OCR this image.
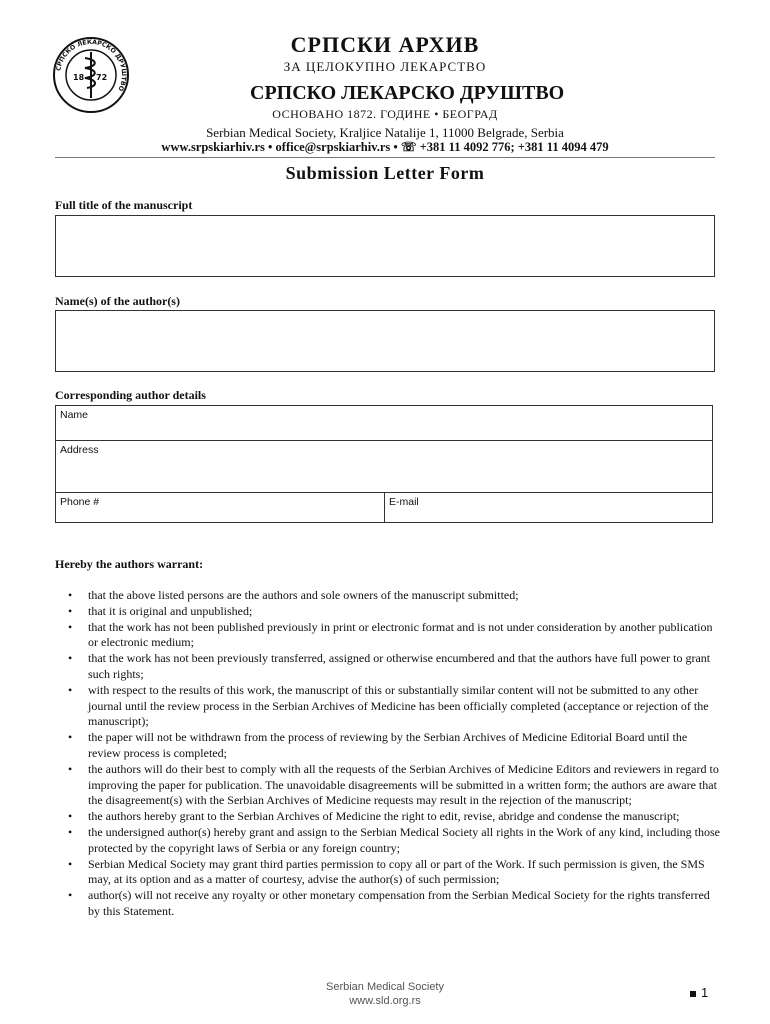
СРПСКО ЛЕКАРСКО ДРУШТВО
18 72
СРПСКИ АРХИВ
ЗА ЦЕЛОКУПНО ЛЕКАРСТВО
СРПСКО ЛЕКАРСКО ДРУШТВО
ОСНОВАНО 1872. ГОДИНЕ • БЕОГРАД
Serbian Medical Society, Kraljice Natalije 1, 11000 Belgrade, Serbia
www.srpskiarhiv.rs • office@srpskiarhiv.rs • ☏ +381 11 4092 776; +381 11 4094 479
Submission Letter Form
Full title of the manuscript
Name(s) of the author(s)
Corresponding author details
Name
Address
Phone #	E-mail
Hereby the authors warrant:
• that the above listed persons are the authors and sole owners of the manuscript submitted;
• that it is original and unpublished;
• that the work has not been published previously in print or electronic format and is not under consideration by another publication or electronic medium;
• that the work has not been previously transferred, assigned or otherwise encumbered and that the authors have full power to grant such rights;
• with respect to the results of this work, the manuscript of this or substantially similar content will not be submitted to any other journal until the review process in the Serbian Archives of Medicine has been officially completed (acceptance or rejection of the manuscript);
• the paper will not be withdrawn from the process of reviewing by the Serbian Archives of Medicine Editorial Board until the review process is completed;
• the authors will do their best to comply with all the requests of the Serbian Archives of Medicine Editors and reviewers in regard to improving the paper for publication. The unavoidable disagreements will be submitted in a written form; the authors are aware that the disagreement(s) with the Serbian Archives of Medicine requests may result in the rejection of the manuscript;
• the authors hereby grant to the Serbian Archives of Medicine the right to edit, revise, abridge and condense the manuscript;
• the undersigned author(s) hereby grant and assign to the Serbian Medical Society all rights in the Work of any kind, including those protected by the copyright laws of Serbia or any foreign country;
• Serbian Medical Society may grant third parties permission to copy all or part of the Work. If such permission is given, the SMS may, at its option and as a matter of courtesy, advise the author(s) of such permission;
• author(s) will not receive any royalty or other monetary compensation from the Serbian Medical Society for the rights transferred by this Statement.
Serbian Medical Society
www.sld.org.rs
1
